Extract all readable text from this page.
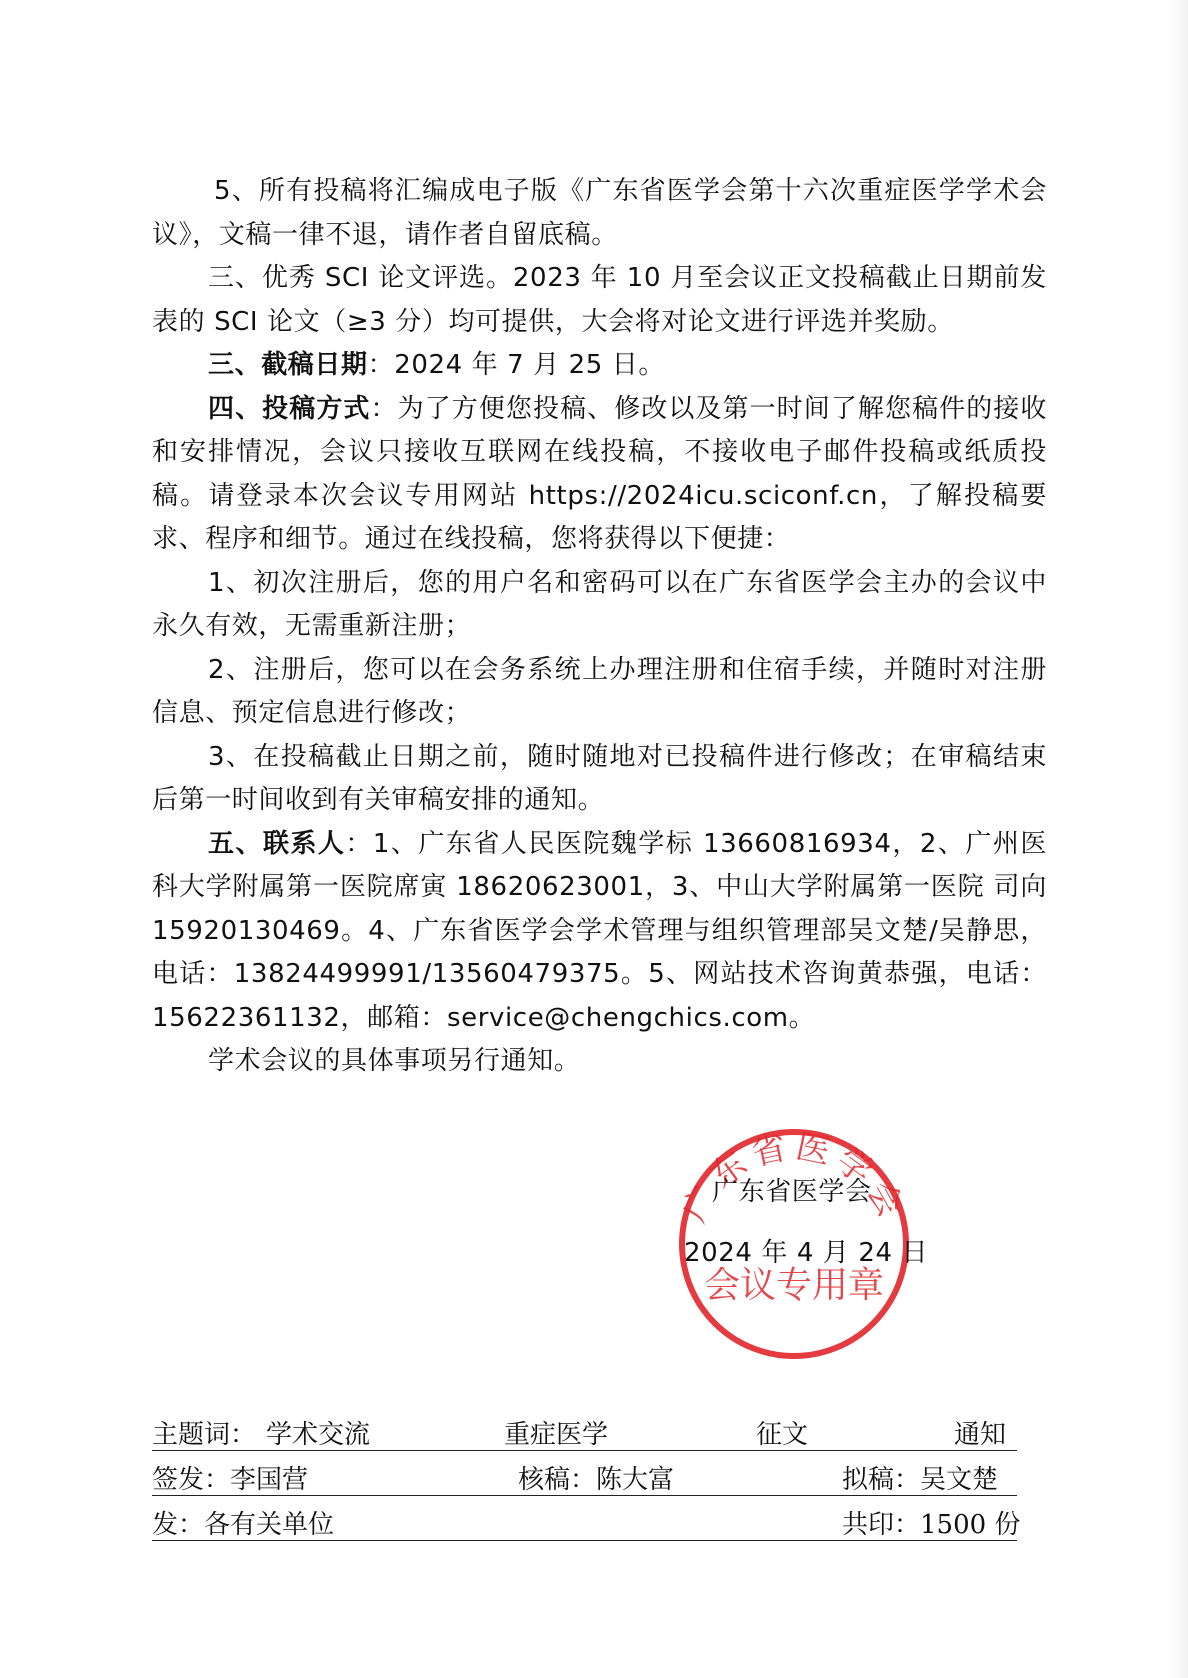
5、所有投稿将汇编成电子版《广东省医学会第十六次重症医学学术会议》，文稿一律不退，请作者自留底稿。

三、优秀 SCI 论文评选。2023 年 10 月至会议正文投稿截止日期前发表的 SCI 论文（≥3 分）均可提供，大会将对论文进行评选并奖励。

三、截稿日期：2024 年 7 月 25 日。

四、投稿方式：为了方便您投稿、修改以及第一时间了解您稿件的接收和安排情况，会议只接收互联网在线投稿，不接收电子邮件投稿或纸质投稿。请登录本次会议专用网站 https://2024icu.sciconf.cn，了解投稿要求、程序和细节。通过在线投稿，您将获得以下便捷：

1、初次注册后，您的用户名和密码可以在广东省医学会主办的会议中永久有效，无需重新注册；

2、注册后，您可以在会务系统上办理注册和住宿手续，并随时对注册信息、预定信息进行修改；

3、在投稿截止日期之前，随时随地对已投稿件进行修改；在审稿结束后第一时间收到有关审稿安排的通知。

五、联系人：1、广东省人民医院魏学标 13660816934，2、广州医科大学附属第一医院席寅 18620623001，3、中山大学附属第一医院 司向15920130469。4、广东省医学会学术管理与组织管理部吴文楚/吴静思，电话：13824499991/13560479375。5、网站技术咨询黄恭强，电话：15622361132，邮箱：service@chengchics.com。

学术会议的具体事项另行通知。

广东省医学会
会议专用章
广东省医学会
2024 年 4 月 24 日
主题词： 学术交流	重症医学	征文	通知
签发：李国营	核稿：陈大富	拟稿：吴文楚
发：各有关单位	共印：1500 份
